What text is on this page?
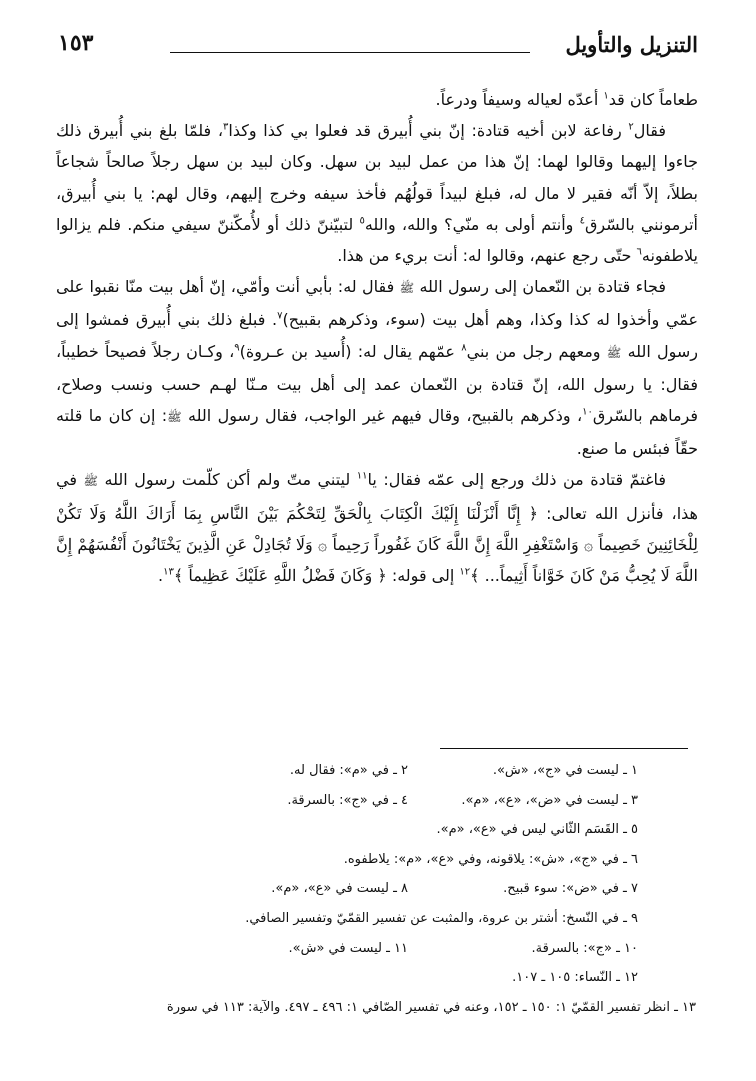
التنزيل والتأويل
١٥٣

طعاماً كان قد$^١$ أعدّه لعياله وسيفاً ودرعاً.

فقال$^٢$ رفاعة لابن أخيه قتادة: إنّ بني أُبيرق قد فعلوا بي كذا وكذا$^٣$، فلمّا بلغ بني أُبيرق ذلك جاءوا إليهما وقالوا لهما: إنّ هذا من عمل لبيد بن سهل. وكان لبيد بن سهل رجلاً صالحاً شجاعاً بطلاً، إلاّ أنّه فقير لا مال له، فبلغ لبيداً قولُهُم فأخذ سيفه وخرج إليهم، وقال لهم: يا بني أُبيرق، أترمونني بالسّرق$^٤$ وأنتم أولى به منّي؟ والله، والله$^٥$ لتبيّننّ ذلك أو لأُمكّننّ سيفي منكم. فلم يزالوا يلاطفونه$^٦$ حتّى رجع عنهم، وقالوا له: أنت بريء من هذا.

فجاء قتادة بن النّعمان إلى رسول الله ﷺ فقال له: بأبي أنت وأمّي، إنّ أهل بيت منّا نقبوا على عمّي وأخذوا له كذا وكذا، وهم أهل بيت (سوء، وذكرهم بقبيح)$^٧$. فبلغ ذلك بني أُبيرق فمشوا إلى رسول الله ﷺ ومعهم رجل من بني$^٨$ عمّهم يقال له: (أُسيد بن عـروة)$^٩$، وكـان رجلاً فصيحاً خطيباً، فقال: يا رسول الله، إنّ قتادة بن النّعمان عمد إلى أهل بيت مـنّا لهـم حسب ونسب وصلاح، فرماهم بالسّرق$^{١٠}$، وذكرهم بالقبيح، وقال فيهم غير الواجب، فقال رسول الله ﷺ: إن كان ما قلته حقّاً فبئس ما صنع.

فاغتمّ قتادة من ذلك ورجع إلى عمّه فقال: يا$^{١١}$ ليتني متّ ولم أكن كلّمت رسول الله ﷺ في هذا، فأنزل الله تعالى: ﴿ إِنَّا أَنْزَلْنَا إِلَيْكَ الْكِتَابَ بِالْحَقِّ لِتَحْكُمَ بَيْنَ النَّاسِ بِمَا أَرَاكَ اللَّهُ وَلَا تَكُنْ لِلْخَائِنِينَ خَصِيماً ۞ وَاسْتَغْفِرِ اللَّهَ إِنَّ اللَّهَ كَانَ غَفُوراً رَحِيماً ۞ وَلَا تُجَادِلْ عَنِ الَّذِينَ يَخْتَانُونَ أَنْفُسَهُمْ إِنَّ اللَّهَ لَا يُحِبُّ مَنْ كَانَ خَوَّاناً أَثِيماً... ﴾$^{١٢}$ إلى قوله: ﴿ وَكَانَ فَضْلُ اللَّهِ عَلَيْكَ عَظِيماً ﴾$^{١٣}$.

١ ـ ليست في «ج»، «ش».
٢ ـ في «م»: فقال له.
٣ ـ ليست في «ض»، «ع»، «م».
٤ ـ في «ج»: بالسرقة.
٥ ـ القَسَم الثّاني ليس في «ع»، «م».
٦ ـ في «ج»، «ش»: يلاقونه، وفي «ع»، «م»: يلاطفوه.
٧ ـ في «ض»: سوء قبيح.
٨ ـ ليست في «ع»، «م».
٩ ـ في النّسخ: أشتر بن عروة، والمثبت عن تفسير القمّيّ وتفسير الصافي.
١٠ ـ «ج»: بالسرقة.
١١ ـ ليست في «ش».
١٢ ـ النّساء: ١٠٥ ـ ١٠٧.
١٣ ـ انظر تفسير القمّيّ ١: ١٥٠ ـ ١٥٢، وعنه في تفسير الصّافي ١: ٤٩٦ ـ ٤٩٧. والآية: ١١٣ في سورة
